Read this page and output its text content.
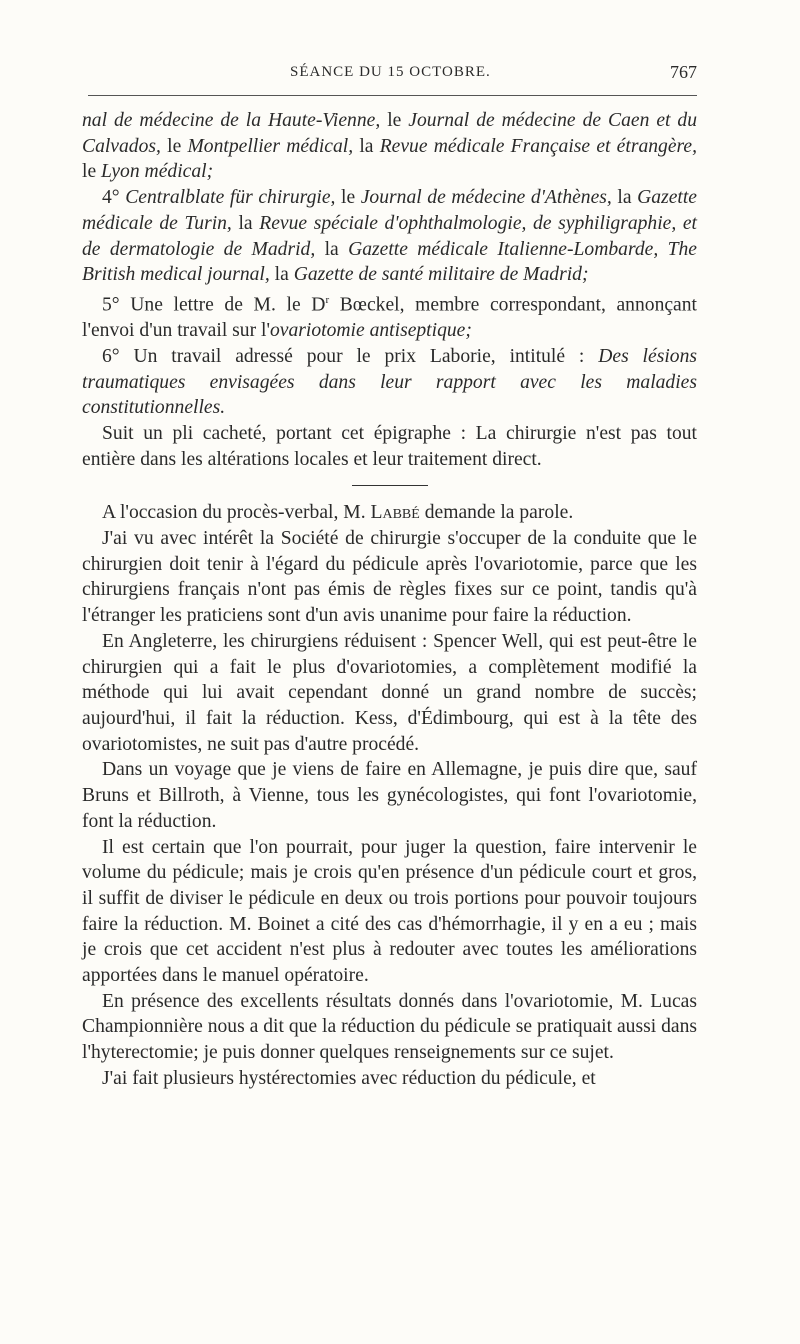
SÉANCE DU 15 OCTOBRE.	767

nal de médecine de la Haute-Vienne, le Journal de médecine de Caen et du Calvados, le Montpellier médical, la Revue médicale Française et étrangère, le Lyon médical;

4° Centralblate für chirurgie, le Journal de médecine d'Athènes, la Gazette médicale de Turin, la Revue spéciale d'ophthalmologie, de syphiligraphie, et de dermatologie de Madrid, la Gazette médicale Italienne-Lombarde, The British medical journal, la Gazette de santé militaire de Madrid;

5° Une lettre de M. le $D^r$ Bœckel, membre correspondant, annonçant l'envoi d'un travail sur l'ovariotomie antiseptique;

6° Un travail adressé pour le prix Laborie, intitulé : Des lésions traumatiques envisagées dans leur rapport avec les maladies constitutionnelles.

Suit un pli cacheté, portant cet épigraphe : La chirurgie n'est pas tout entière dans les altérations locales et leur traitement direct.

A l'occasion du procès-verbal, M. Labbé demande la parole.

J'ai vu avec intérêt la Société de chirurgie s'occuper de la conduite que le chirurgien doit tenir à l'égard du pédicule après l'ovariotomie, parce que les chirurgiens français n'ont pas émis de règles fixes sur ce point, tandis qu'à l'étranger les praticiens sont d'un avis unanime pour faire la réduction.

En Angleterre, les chirurgiens réduisent : Spencer Well, qui est peut-être le chirurgien qui a fait le plus d'ovariotomies, a complètement modifié la méthode qui lui avait cependant donné un grand nombre de succès; aujourd'hui, il fait la réduction. Kess, d'Édimbourg, qui est à la tête des ovariotomistes, ne suit pas d'autre procédé.

Dans un voyage que je viens de faire en Allemagne, je puis dire que, sauf Bruns et Billroth, à Vienne, tous les gynécologistes, qui font l'ovariotomie, font la réduction.

Il est certain que l'on pourrait, pour juger la question, faire intervenir le volume du pédicule; mais je crois qu'en présence d'un pédicule court et gros, il suffit de diviser le pédicule en deux ou trois portions pour pouvoir toujours faire la réduction. M. Boinet a cité des cas d'hémorrhagie, il y en a eu ; mais je crois que cet accident n'est plus à redouter avec toutes les améliorations apportées dans le manuel opératoire.

En présence des excellents résultats donnés dans l'ovariotomie, M. Lucas Championnière nous a dit que la réduction du pédicule se pratiquait aussi dans l'hyterectomie; je puis donner quelques renseignements sur ce sujet.

J'ai fait plusieurs hystérectomies avec réduction du pédicule, et
